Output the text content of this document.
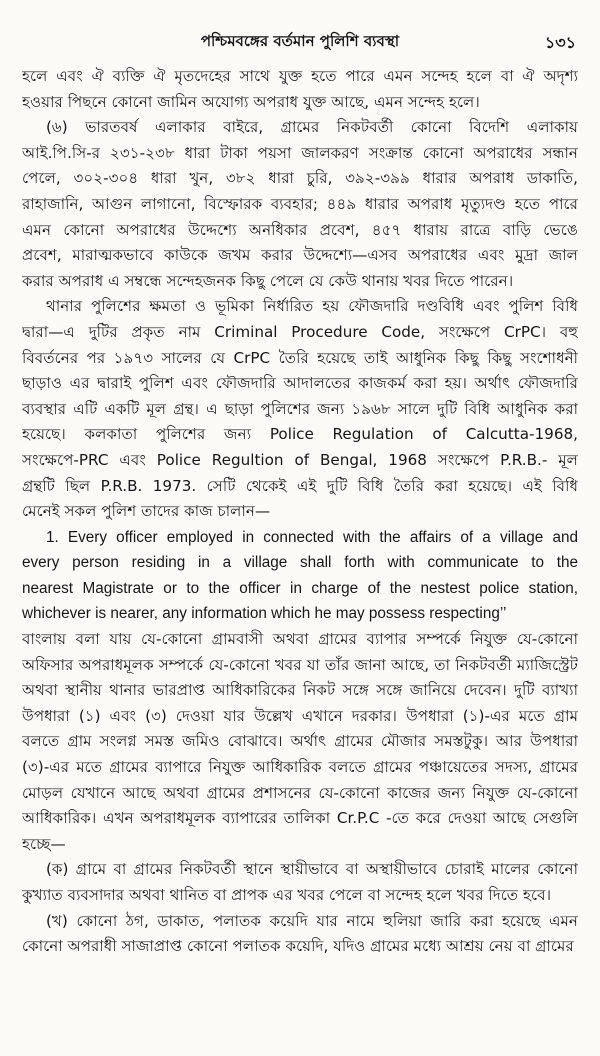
পশ্চিমবঙ্গের বর্তমান পুলিশি ব্যবস্থা	১৩১
হলে এবং ঐ ব্যক্তি ঐ মৃতদেহের সাথে যুক্ত হতে পারে এমন সন্দেহ হলে বা ঐ অদৃশ্য
হওয়ার পিছনে কোনো জামিন অযোগ্য অপরাধ যুক্ত আছে, এমন সন্দেহ হলে।
(৬) ভারতবর্ষ এলাকার বাইরে, গ্রামের নিকটবর্তী কোনো বিদেশি এলাকায়
আই.পি.সি-র ২৩১-২৩৮ ধারা টাকা পয়সা জালকরণ সংক্রান্ত কোনো অপরাধের সন্ধান
পেলে, ৩০২-৩০৪ ধারা খুন, ৩৮২ ধারা চুরি, ৩৯২-৩৯৯ ধারার অপরাধ ডাকাতি,
রাহাজানি, আগুন লাগানো, বিস্ফোরক ব্যবহার; ৪৪৯ ধারার অপরাধ মৃত্যুদণ্ড হতে পারে
এমন কোনো অপরাধের উদ্দেশ্যে অনধিকার প্রবেশ, ৪৫৭ ধারায় রাত্রে বাড়ি ভেঙে
প্রবেশ, মারাত্মকভাবে কাউকে জখম করার উদ্দেশ্যে—এসব অপরাধের এবং মুদ্রা জাল
করার অপরাধ এ সম্বন্ধে সন্দেহজনক কিছু পেলে যে কেউ থানায় খবর দিতে পারেন।
থানার পুলিশের ক্ষমতা ও ভূমিকা নির্ধারিত হয় ফৌজদারি দণ্ডবিধি এবং পুলিশ বিধি
দ্বারা—এ দুটির প্রকৃত নাম Criminal Procedure Code, সংক্ষেপে CrPC। বহু
বিবর্তনের পর ১৯৭৩ সালের যে CrPC তৈরি হয়েছে তাই আধুনিক কিছু কিছু সংশোধনী
ছাড়াও এর দ্বারাই পুলিশ এবং ফৌজদারি আদালতের কাজকর্ম করা হয়। অর্থাৎ ফৌজদারি
ব্যবস্থার এটি একটি মূল গ্রন্থ। এ ছাড়া পুলিশের জন্য ১৯৬৮ সালে দুটি বিধি আধুনিক করা
হয়েছে। কলকাতা পুলিশের জন্য Police Regulation of Calcutta-1968,
সংক্ষেপে-PRC এবং Police Regultion of Bengal, 1968 সংক্ষেপে P.R.B.- মূল
গ্রন্থটি ছিল P.R.B. 1973. সেটি থেকেই এই দুটি বিধি তৈরি করা হয়েছে। এই বিধি
মেনেই সকল পুলিশ তাদের কাজ চালান—
1. Every officer employed in connected with the affairs of a village and
every person residing in a village shall forth with communicate to the
nearest Magistrate or to the officer in charge of the nestest police station,
whichever is nearer, any information which he may possess respecting’’
বাংলায় বলা যায় যে-কোনো গ্রামবাসী অথবা গ্রামের ব্যাপার সম্পর্কে নিযুক্ত যে-কোনো
অফিসার অপরাধমূলক সম্পর্কে যে-কোনো খবর যা তাঁর জানা আছে, তা নিকটবর্তী ম্যাজিস্ট্রেট
অথবা স্থানীয় থানার ভারপ্রাপ্ত আধিকারিকের নিকট সঙ্গে সঙ্গে জানিয়ে দেবেন। দুটি ব্যাখ্যা
উপধারা (১) এবং (৩) দেওয়া যার উল্লেখ এখানে দরকার। উপধারা (১)-এর মতে গ্রাম
বলতে গ্রাম সংলগ্ন সমস্ত জমিও বোঝাবে। অর্থাৎ গ্রামের মৌজার সমস্তটুকু। আর উপধারা
(৩)-এর মতে গ্রামের ব্যাপারে নিযুক্ত আধিকারিক বলতে গ্রামের পঞ্চায়েতের সদস্য, গ্রামের
মোড়ল যেখানে আছে অথবা গ্রামের প্রশাসনের যে-কোনো কাজের জন্য নিযুক্ত যে-কোনো
আধিকারিক। এখন অপরাধমূলক ব্যাপারের তালিকা Cr.P.C -তে করে দেওয়া আছে সেগুলি
হচ্ছে—
(ক) গ্রামে বা গ্রামের নিকটবর্তী স্থানে স্থায়ীভাবে বা অস্থায়ীভাবে চোরাই মালের কোনো
কুখ্যাত ব্যবসাদার অথবা থানিত বা প্রাপক এর খবর পেলে বা সন্দেহ হলে খবর দিতে হবে।
(খ) কোনো ঠগ, ডাকাত, পলাতক কয়েদি যার নামে হুলিয়া জারি করা হয়েছে এমন
কোনো অপরাধী সাজাপ্রাপ্ত কোনো পলাতক কয়েদি, যদিও গ্রামের মধ্যে আশ্রয় নেয় বা গ্রামের
